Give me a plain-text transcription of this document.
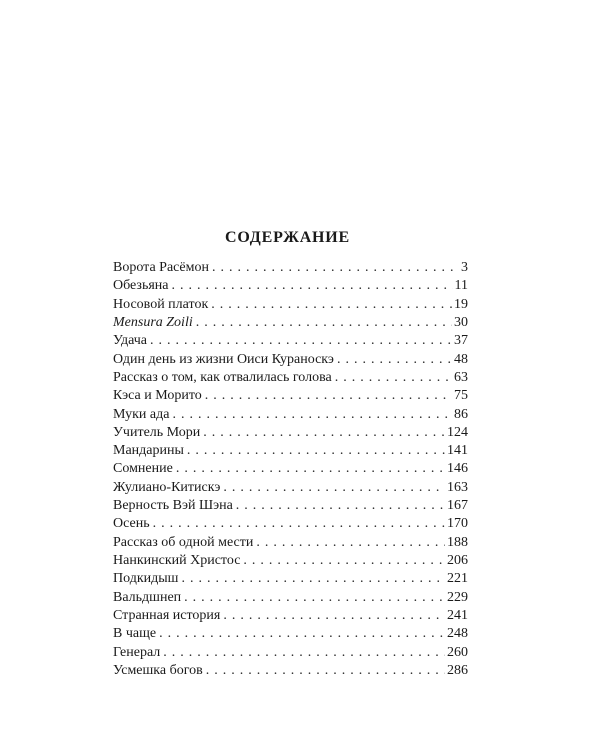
СОДЕРЖАНИЕ
Ворота Расёмон . . .	3
Обезьяна . . .	11
Носовой платок . . .	19
Mensura Zoili . . .	30
Удача . . .	37
Один день из жизни Оиси Кураноскэ . . .	48
Рассказ о том, как отвалилась голова . . .	63
Кэса и Морито . . .	75
Муки ада . . .	86
Учитель Мори . . .	124
Мандарины . . .	141
Сомнение . . .	146
Жулиано-Китискэ . . .	163
Верность Вэй Шэна . . .	167
Осень . . .	170
Рассказ об одной мести . . .	188
Нанкинский Христос . . .	206
Подкидыш . . .	221
Вальдшнеп . . .	229
Странная история . . .	241
В чаще . . .	248
Генерал . . .	260
Усмешка богов . . .	286
